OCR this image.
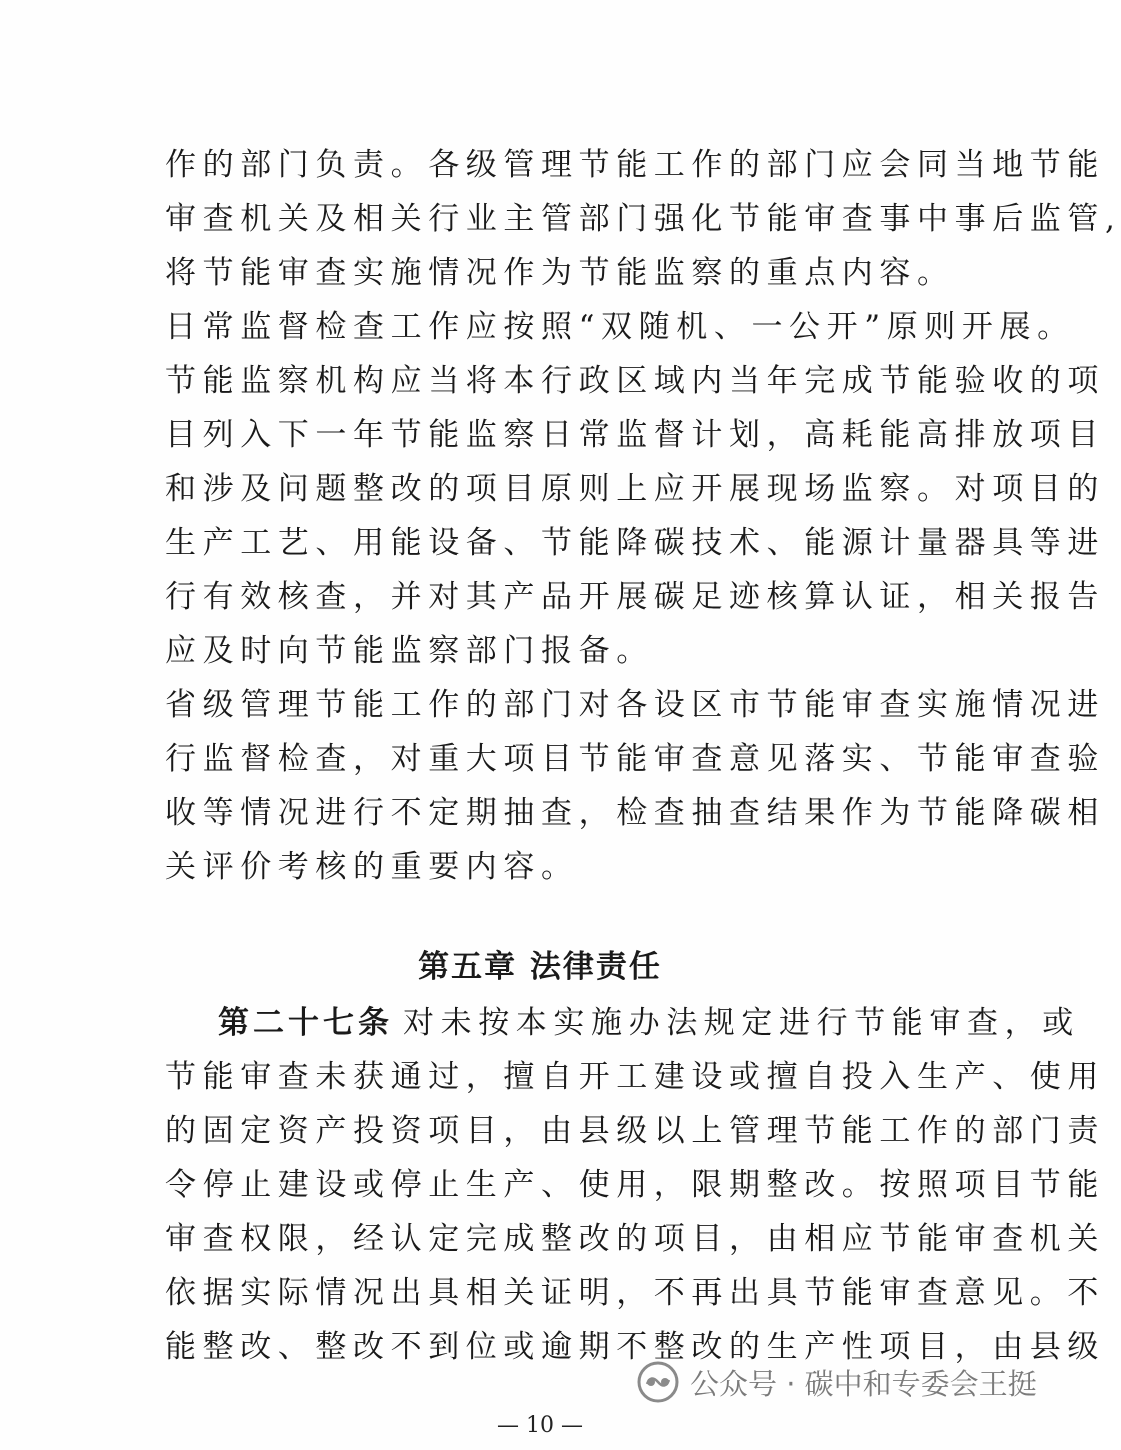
作的部门负责。各级管理节能工作的部门应会同当地节能
审查机关及相关行业主管部门强化节能审查事中事后监管,
将节能审查实施情况作为节能监察的重点内容。
日常监督检查工作应按照“双随机、一公开”原则开展。
节能监察机构应当将本行政区域内当年完成节能验收的项
目列入下一年节能监察日常监督计划，高耗能高排放项目
和涉及问题整改的项目原则上应开展现场监察。对项目的
生产工艺、用能设备、节能降碳技术、能源计量器具等进
行有效核查，并对其产品开展碳足迹核算认证，相关报告
应及时向节能监察部门报备。
省级管理节能工作的部门对各设区市节能审查实施情况进
行监督检查，对重大项目节能审查意见落实、节能审查验
收等情况进行不定期抽查，检查抽查结果作为节能降碳相
关评价考核的重要内容。
第五章 法律责任
第二十七条 对未按本实施办法规定进行节能审查，或
节能审查未获通过，擅自开工建设或擅自投入生产、使用
的固定资产投资项目，由县级以上管理节能工作的部门责
令停止建设或停止生产、使用，限期整改。按照项目节能
审查权限，经认定完成整改的项目，由相应节能审查机关
依据实际情况出具相关证明，不再出具节能审查意见。不
能整改、整改不到位或逾期不整改的生产性项目，由县级
公众号 · 碳中和专委会王挺
— 10 —
